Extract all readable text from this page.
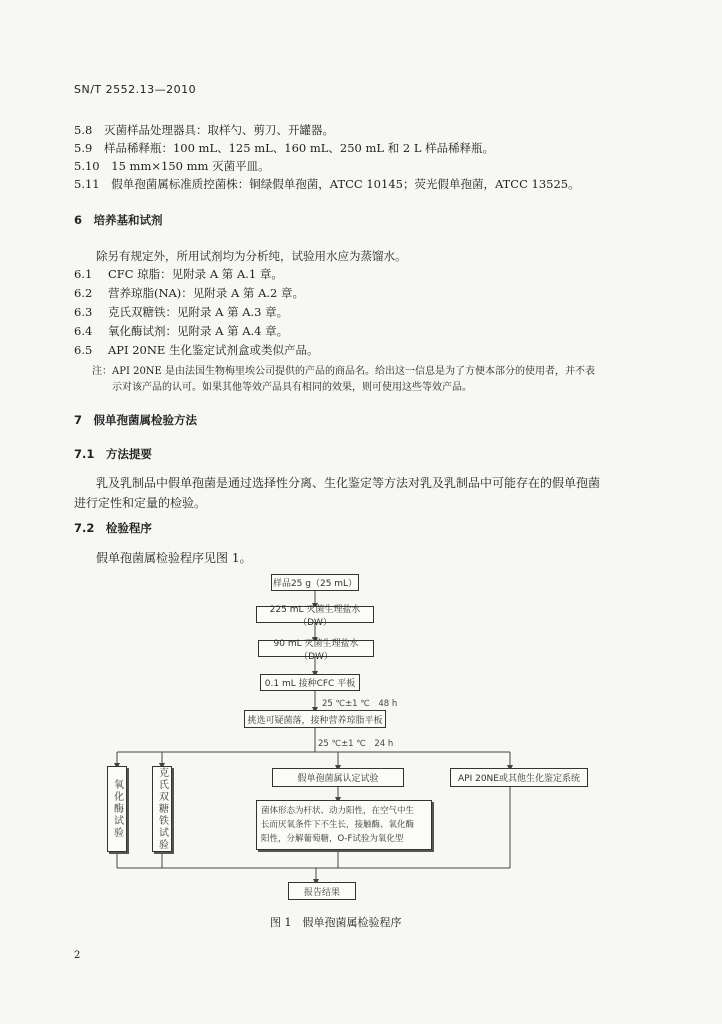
SN/T 2552.13—2010
5.8 灭菌样品处理器具：取样勺、剪刀、开罐器。
5.9 样品稀释瓶：100 mL、125 mL、160 mL、250 mL 和 2 L 样品稀释瓶。
5.10 15 mm×150 mm 灭菌平皿。
5.11 假单孢菌属标准质控菌株：铜绿假单孢菌，ATCC 10145；荧光假单孢菌，ATCC 13525。
6　培养基和试剂
除另有规定外，所用试剂均为分析纯，试验用水应为蒸馏水。
6.1 CFC 琼脂：见附录 A 第 A.1 章。
6.2 营养琼脂(NA)：见附录 A 第 A.2 章。
6.3 克氏双糖铁：见附录 A 第 A.3 章。
6.4 氧化酶试剂：见附录 A 第 A.4 章。
6.5 API 20NE 生化鉴定试剂盒或类似产品。
注：API 20NE 是由法国生物梅里埃公司提供的产品的商品名。给出这一信息是为了方便本部分的使用者，并不表
示对该产品的认可。如果其他等效产品具有相同的效果，则可使用这些等效产品。
7　假单孢菌属检验方法
7.1　方法提要
乳及乳制品中假单孢菌是通过选择性分离、生化鉴定等方法对乳及乳制品中可能存在的假单孢菌
进行定性和定量的检验。
7.2　检验程序
假单孢菌属检验程序见图 1。
样品25 g（25 mL）
225 mL 灭菌生理盐水（DW）
90 mL 灭菌生理盐水（DW）
0.1 mL 接种CFC 平板
25 ℃±1 ℃　48 h
挑选可疑菌落，接种营养琼脂平板
25 ℃±1 ℃　24 h
氧化酶试验	克氏双糖铁试验	假单孢菌属认定试验	API 20NE或其他生化鉴定系统
菌体形态为杆状、动力阳性，在空气中生
长而厌氧条件下不生长，接触酶、氧化酶
阳性，分解葡萄糖，O-F试验为氧化型
报告结果
图 1　假单孢菌属检验程序
2
